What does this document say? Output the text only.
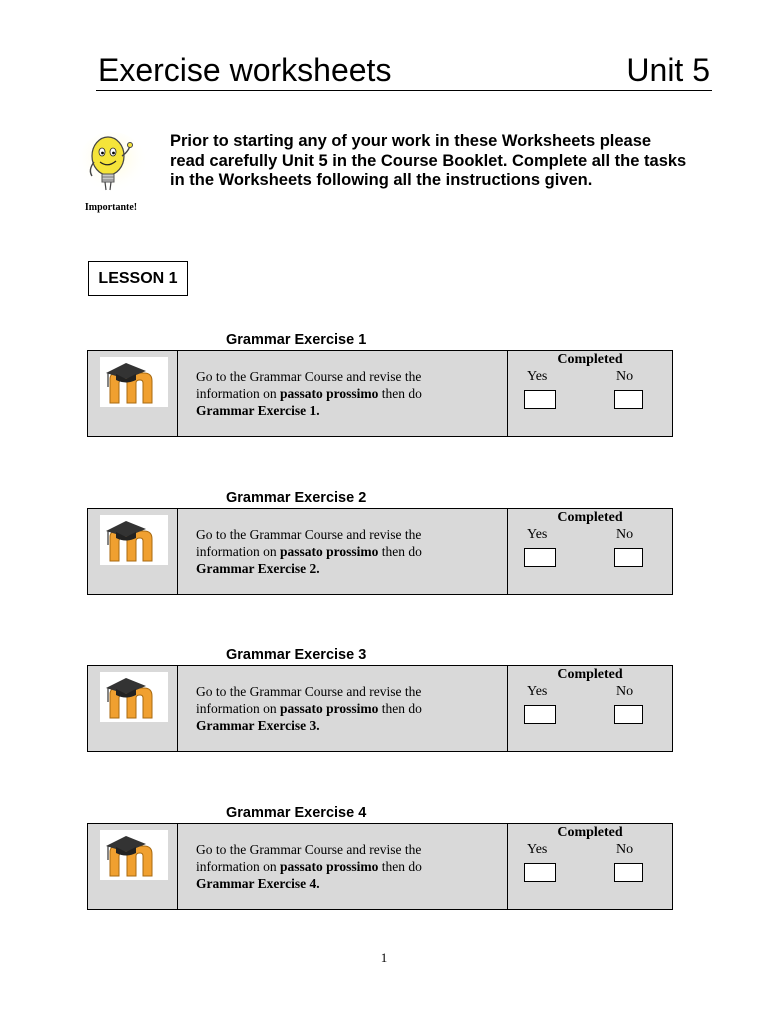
Exercise worksheets	Unit 5
Importante!
Prior to starting any of your work in these Worksheets please read carefully Unit 5 in the Course Booklet. Complete all the tasks in the Worksheets following all the instructions given.
LESSON 1
Grammar Exercise 1
Go to the Grammar Course and revise the
information on passato prossimo then do
Grammar Exercise 1.
Completed
Yes	No
Grammar Exercise 2
Go to the Grammar Course and revise the
information on passato prossimo then do
Grammar Exercise 2.
Completed
Yes	No
Grammar Exercise 3
Go to the Grammar Course and revise the
information on passato prossimo then do
Grammar Exercise 3.
Completed
Yes	No
Grammar Exercise 4
Go to the Grammar Course and revise the
information on passato prossimo then do
Grammar Exercise 4.
Completed
Yes	No
1
